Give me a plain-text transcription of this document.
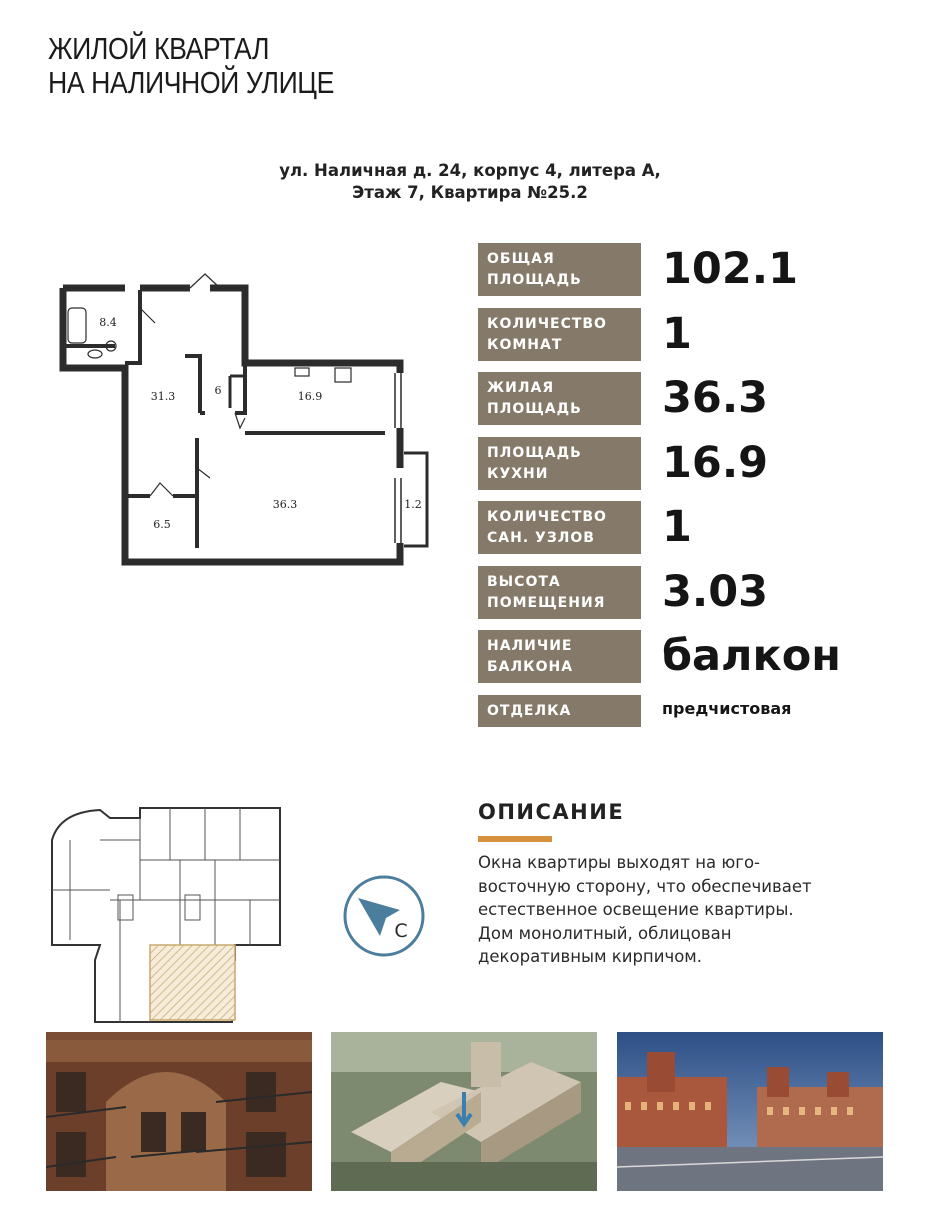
ЖИЛОЙ КВАРТАЛ
НА НАЛИЧНОЙ УЛИЦЕ
ул. Наличная д. 24, корпус 4, литера А,
Этаж 7, Квартира №25.2
8.4
31.3	6	16.9
36.3
6.5
1.2
ОБЩАЯ
ПЛОЩАДЬ	102.1
КОЛИЧЕСТВО
КОМНАТ	1
ЖИЛАЯ
ПЛОЩАДЬ	36.3
ПЛОЩАДЬ
КУХНИ	16.9
КОЛИЧЕСТВО
САН. УЗЛОВ	1
ВЫСОТА
ПОМЕЩЕНИЯ	3.03
НАЛИЧИЕ
БАЛКОНА	балкон
ОТДЕЛКА	предчистовая
С
ОПИСАНИЕ
Окна квартиры выходят на юго-
восточную сторону, что обеспечивает
естественное освещение квартиры.
Дом монолитный, облицован
декоративным кирпичом.
